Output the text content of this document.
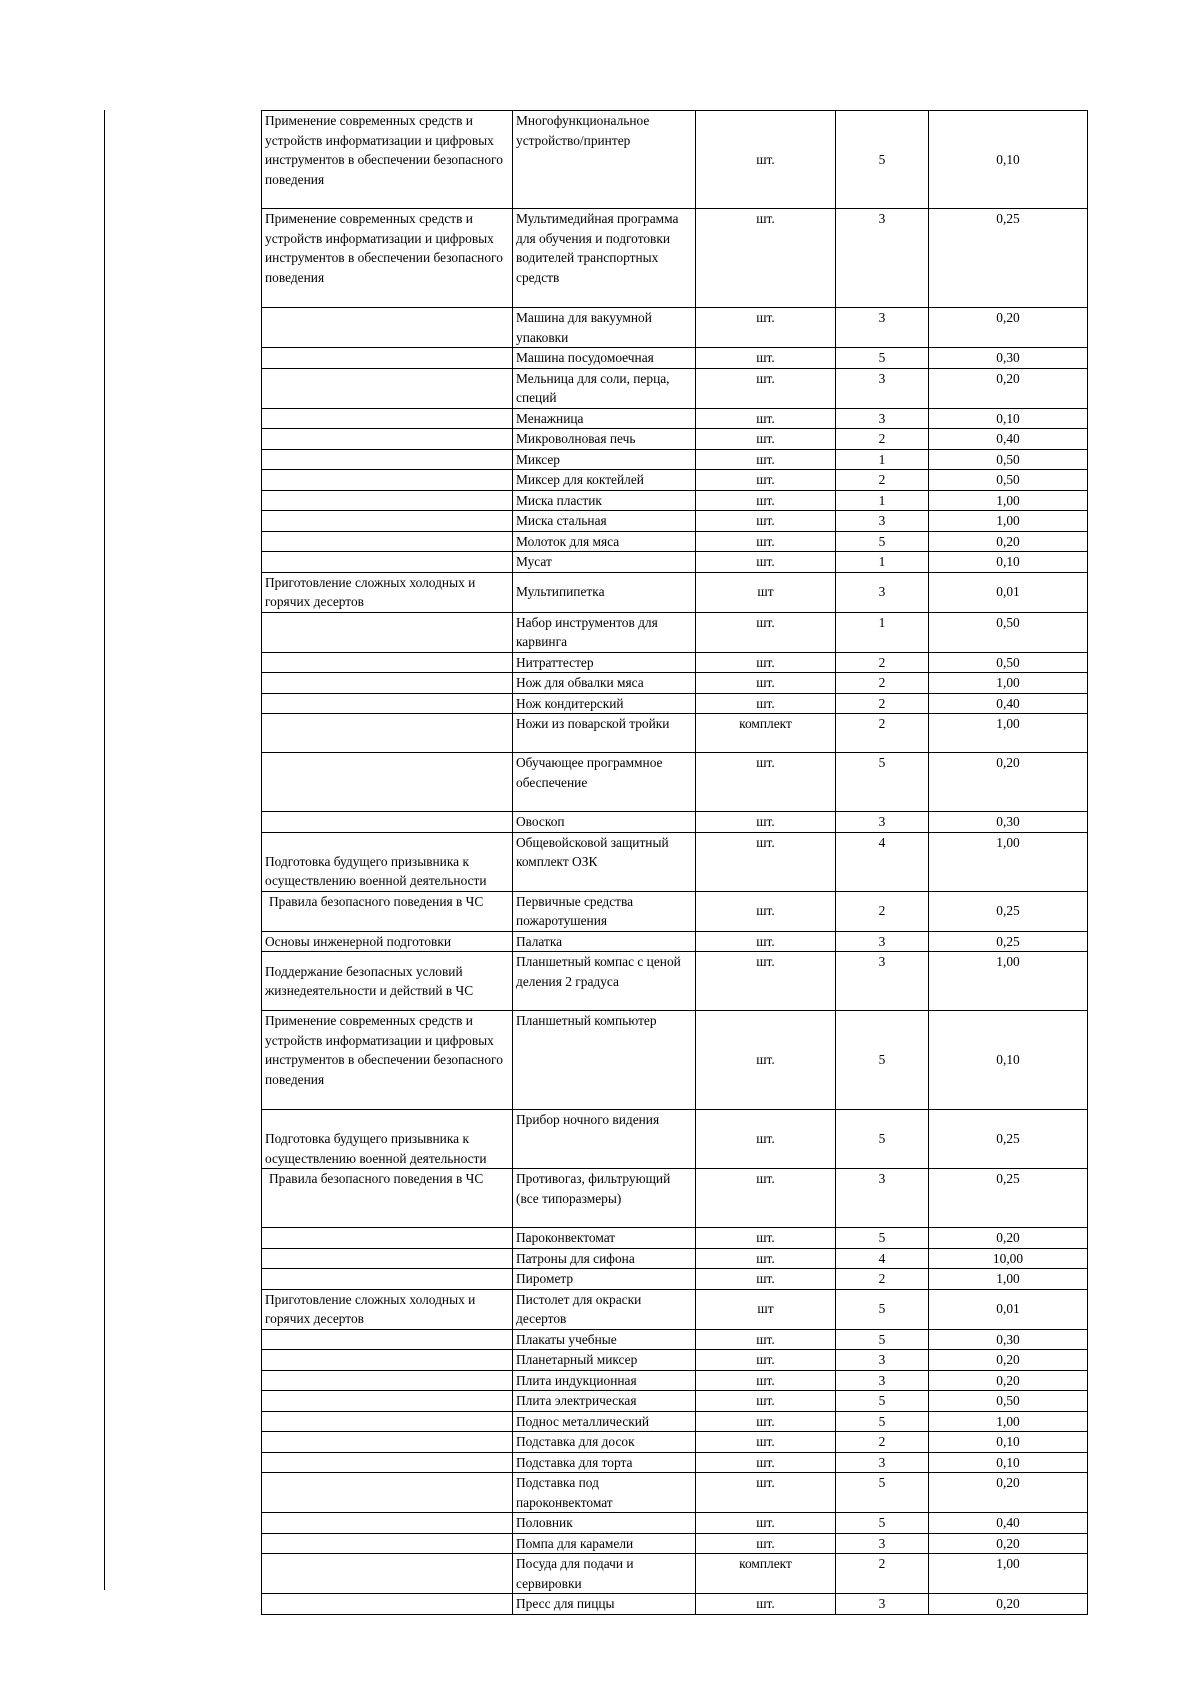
Применение современных средств и устройств информатизации и цифровых инструментов в обеспечении безопасного поведения	Многофункциональное устройство/принтер	шт.	5	0,10
Применение современных средств и устройств информатизации и цифровых инструментов в обеспечении безопасного поведения	Мультимедийная программа для обучения и подготовки водителей транспортных средств	шт.	3	0,25
	Машина для вакуумной упаковки	шт.	3	0,20
	Машина посудомоечная	шт.	5	0,30
	Мельница для соли, перца, специй	шт.	3	0,20
	Менажница	шт.	3	0,10
	Микроволновая печь	шт.	2	0,40
	Миксер	шт.	1	0,50
	Миксер для коктейлей	шт.	2	0,50
	Миска пластик	шт.	1	1,00
	Миска стальная	шт.	3	1,00
	Молоток для мяса	шт.	5	0,20
	Мусат	шт.	1	0,10
Приготовление сложных холодных и горячих десертов	Мультипипетка	шт	3	0,01
	Набор инструментов для карвинга	шт.	1	0,50
	Нитраттестер	шт.	2	0,50
	Нож для обвалки мяса	шт.	2	1,00
	Нож кондитерский	шт.	2	0,40
	Ножи из поварской тройки	комплект	2	1,00
	Обучающее программное обеспечение	шт.	5	0,20
	Овоскоп	шт.	3	0,30
Подготовка будущего призывника к осуществлению военной деятельности	Общевойсковой защитный комплект ОЗК	шт.	4	1,00
Правила безопасного поведения в ЧС	Первичные средства пожаротушения	шт.	2	0,25
Основы инженерной подготовки	Палатка	шт.	3	0,25
Поддержание безопасных условий жизнедеятельности и действий в ЧС	Планшетный компас с ценой деления 2 градуса	шт.	3	1,00
Применение современных средств и устройств информатизации и цифровых инструментов в обеспечении безопасного поведения	Планшетный компьютер	шт.	5	0,10
Подготовка будущего призывника к осуществлению военной деятельности	Прибор ночного видения	шт.	5	0,25
Правила безопасного поведения в ЧС	Противогаз, фильтрующий (все типоразмеры)	шт.	3	0,25
	Пароконвектомат	шт.	5	0,20
	Патроны для сифона	шт.	4	10,00
	Пирометр	шт.	2	1,00
Приготовление сложных холодных и горячих десертов	Пистолет для окраски десертов	шт	5	0,01
	Плакаты учебные	шт.	5	0,30
	Планетарный миксер	шт.	3	0,20
	Плита индукционная	шт.	3	0,20
	Плита электрическая	шт.	5	0,50
	Поднос металлический	шт.	5	1,00
	Подставка для досок	шт.	2	0,10
	Подставка для торта	шт.	3	0,10
	Подставка под пароконвектомат	шт.	5	0,20
	Половник	шт.	5	0,40
	Помпа для карамели	шт.	3	0,20
	Посуда для подачи и сервировки	комплект	2	1,00
	Пресс для пиццы	шт.	3	0,20
